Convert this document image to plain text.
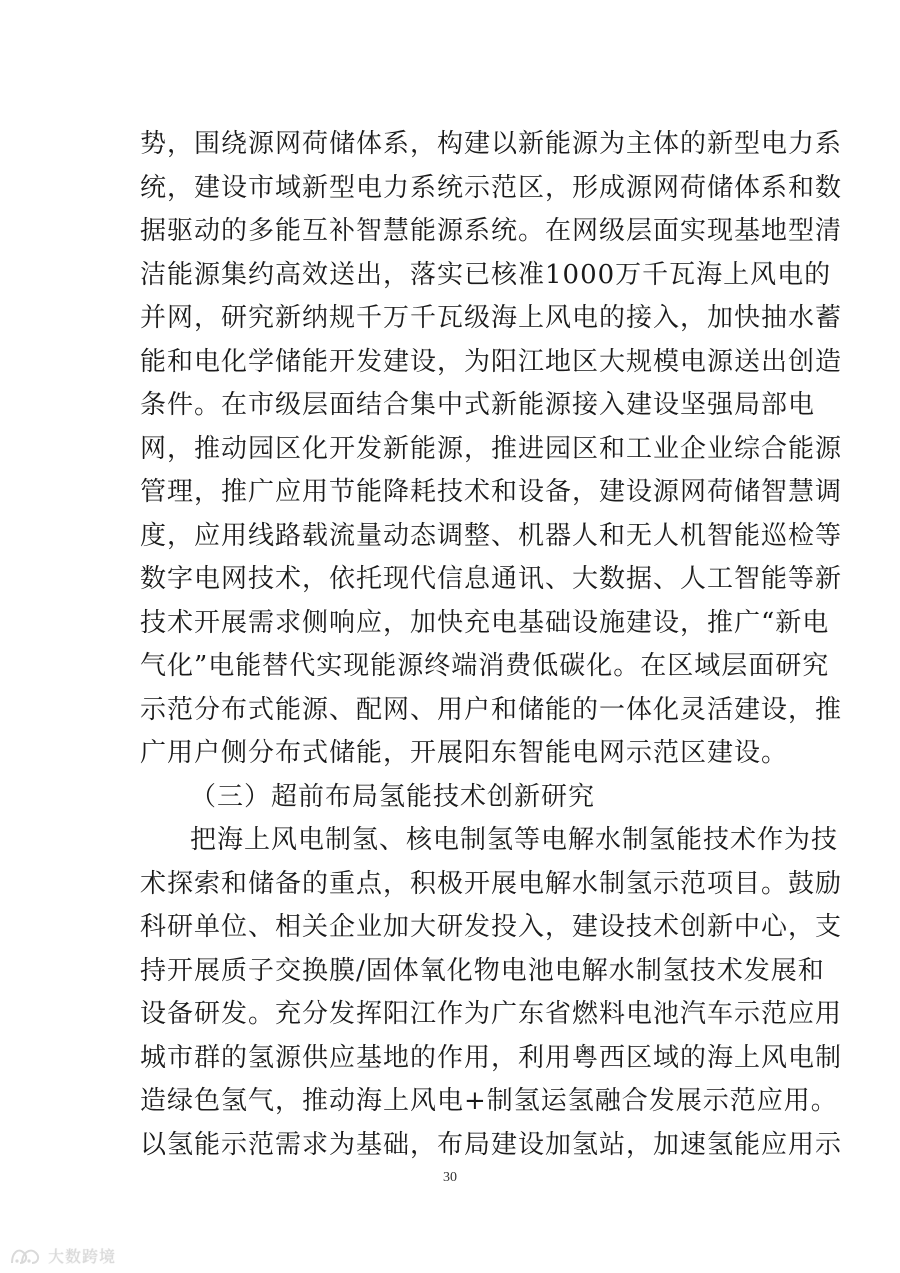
势，围绕源网荷储体系，构建以新能源为主体的新型电力系
统，建设市域新型电力系统示范区，形成源网荷储体系和数
据驱动的多能互补智慧能源系统。在网级层面实现基地型清
洁能源集约高效送出，落实已核准1000万千瓦海上风电的
并网，研究新纳规千万千瓦级海上风电的接入，加快抽水蓄
能和电化学储能开发建设，为阳江地区大规模电源送出创造
条件。在市级层面结合集中式新能源接入建设坚强局部电
网，推动园区化开发新能源，推进园区和工业企业综合能源
管理，推广应用节能降耗技术和设备，建设源网荷储智慧调
度，应用线路载流量动态调整、机器人和无人机智能巡检等
数字电网技术，依托现代信息通讯、大数据、人工智能等新
技术开展需求侧响应，加快充电基础设施建设，推广“新电
气化”电能替代实现能源终端消费低碳化。在区域层面研究
示范分布式能源、配网、用户和储能的一体化灵活建设，推
广用户侧分布式储能，开展阳东智能电网示范区建设。
（三）超前布局氢能技术创新研究
把海上风电制氢、核电制氢等电解水制氢能技术作为技
术探索和储备的重点，积极开展电解水制氢示范项目。鼓励
科研单位、相关企业加大研发投入，建设技术创新中心，支
持开展质子交换膜/固体氧化物电池电解水制氢技术发展和
设备研发。充分发挥阳江作为广东省燃料电池汽车示范应用
城市群的氢源供应基地的作用，利用粤西区域的海上风电制
造绿色氢气，推动海上风电+制氢运氢融合发展示范应用。
以氢能示范需求为基础，布局建设加氢站，加速氢能应用示
30
大数跨境
